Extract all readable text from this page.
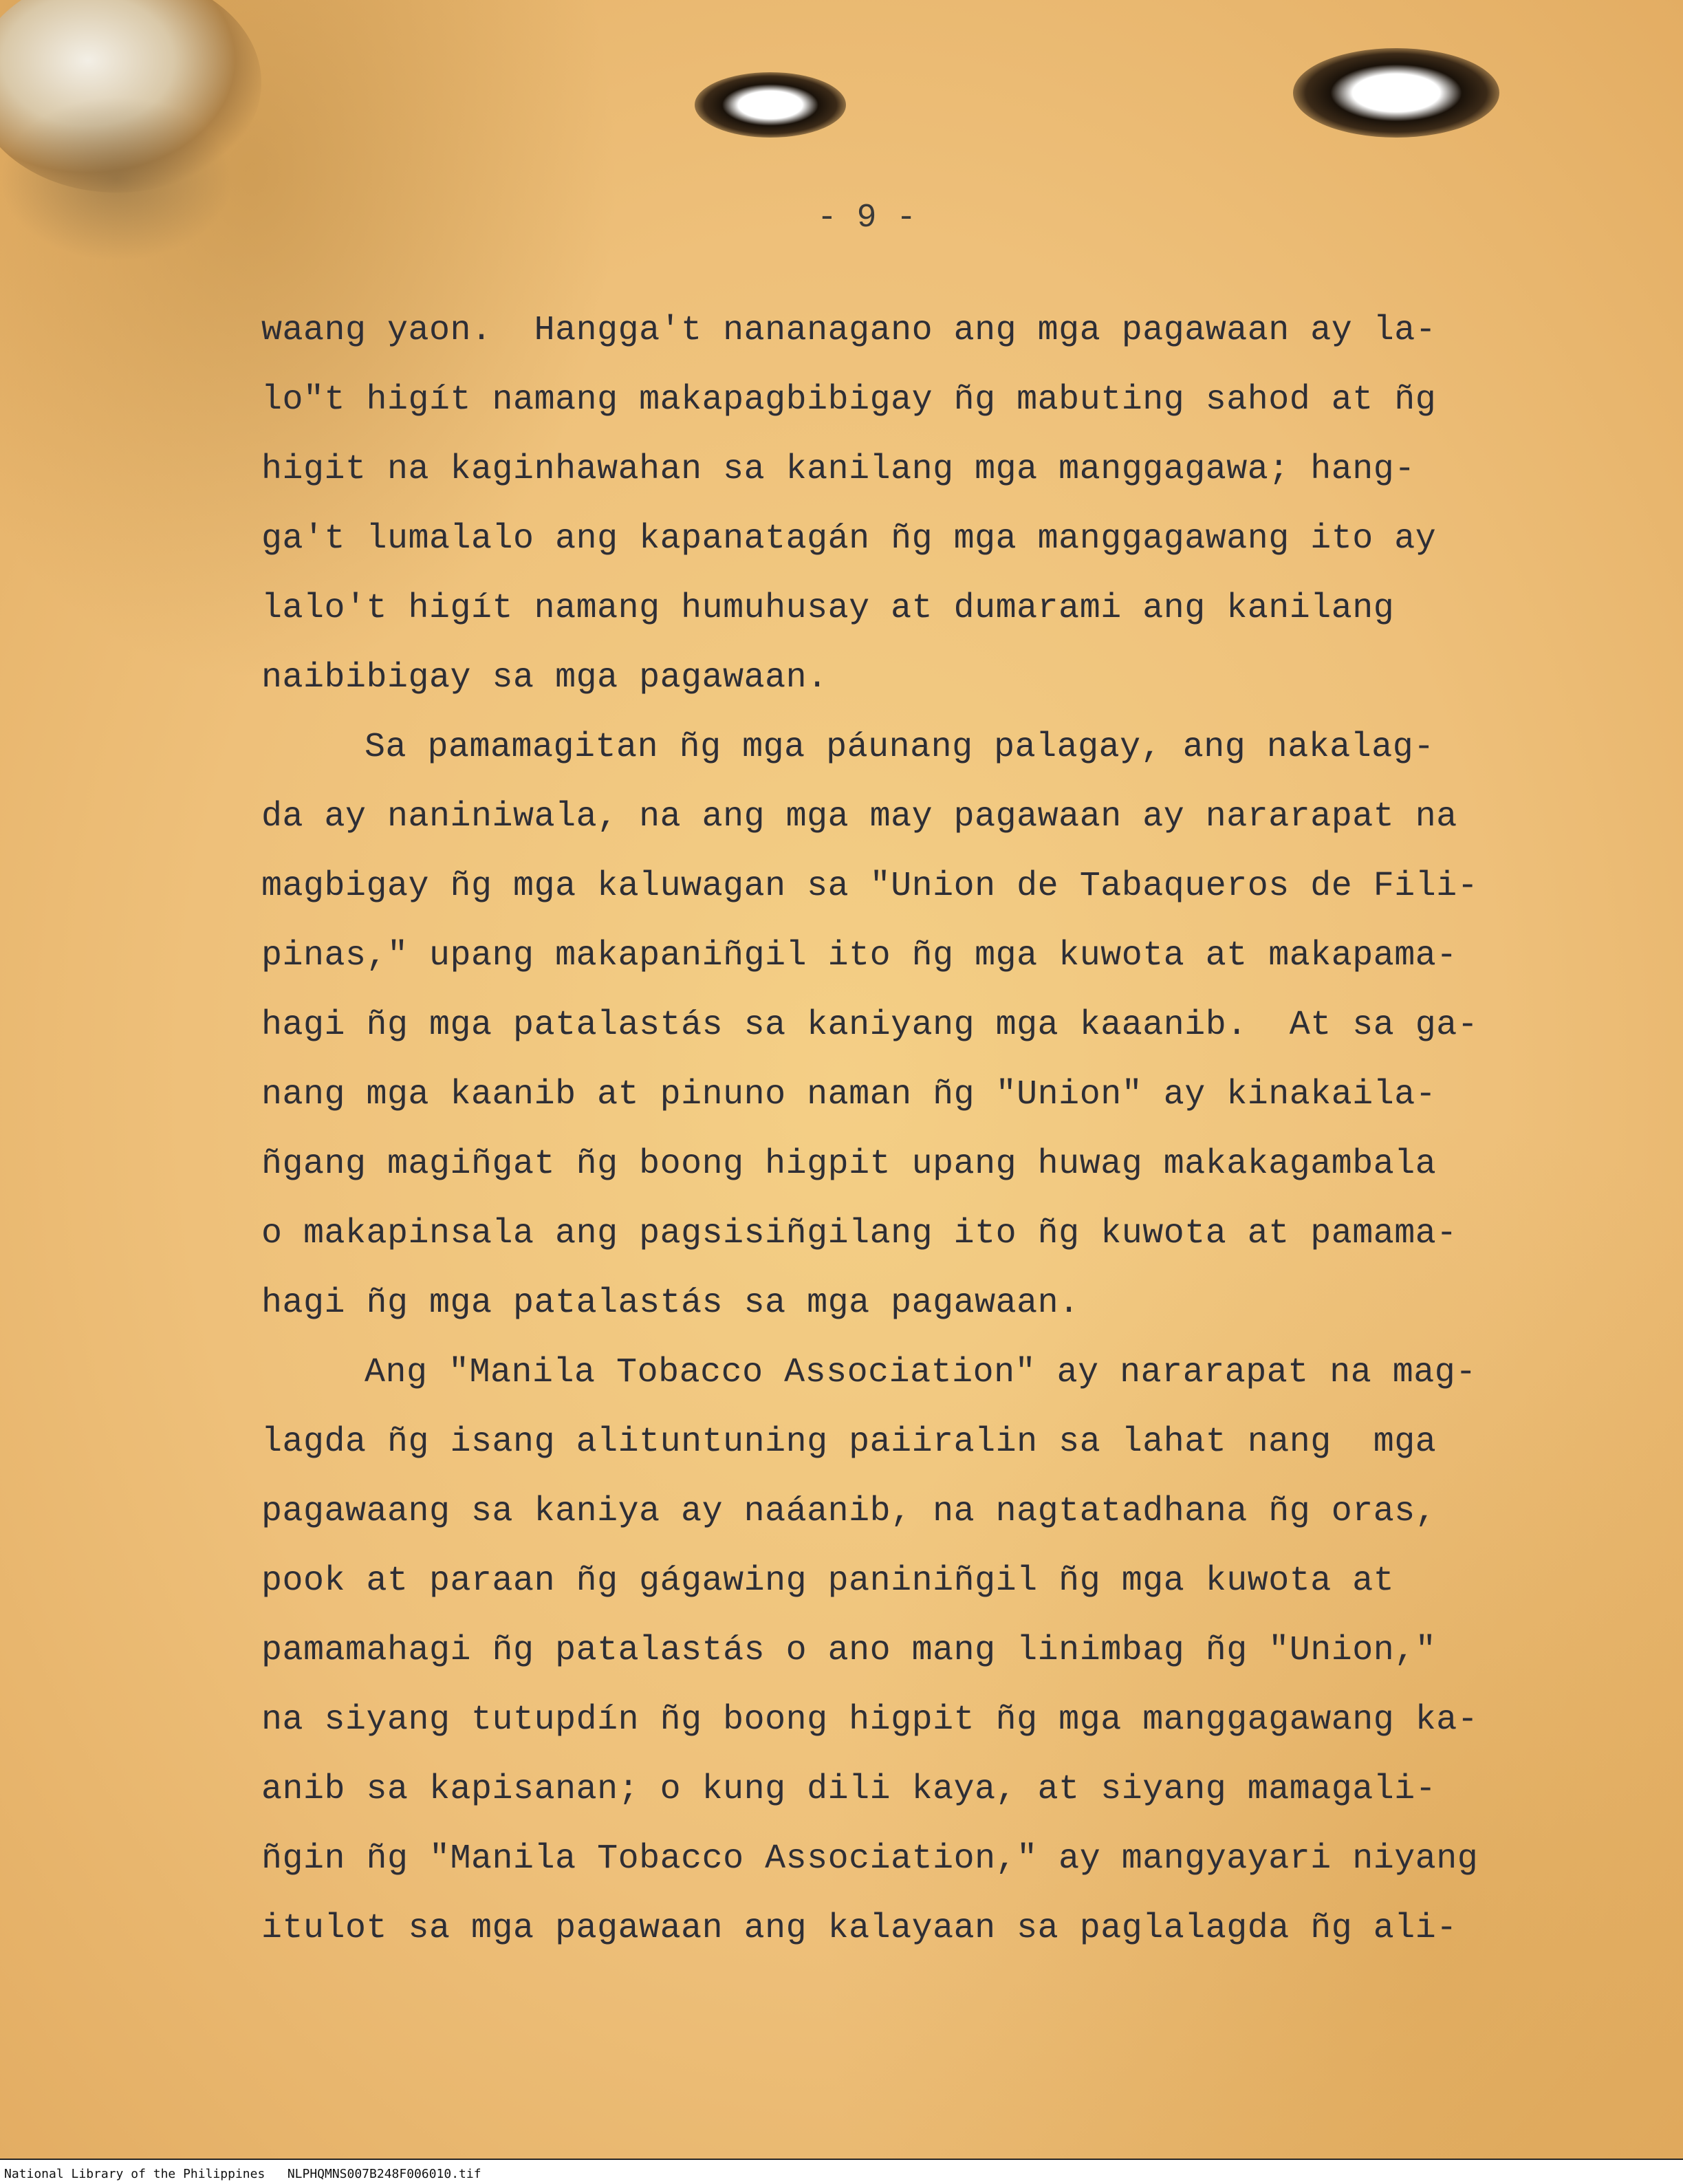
- 9 -
waang yaon.  Hangga't nananagano ang mga pagawaan ay la-
lo"t higít namang makapagbibigay ñg mabuting sahod at ñg
higit na kaginhawahan sa kanilang mga manggagawa; hang-
ga't lumalalo ang kapanatagán ñg mga manggagawang ito ay
lalo't higít namang humuhusay at dumarami ang kanilang
naibibigay sa mga pagawaan.
Sa pamamagitan ñg mga páunang palagay, ang nakalag-
da ay naniniwala, na ang mga may pagawaan ay nararapat na
magbigay ñg mga kaluwagan sa "Union de Tabaqueros de Fili-
pinas," upang makapaniñgil ito ñg mga kuwota at makapama-
hagi ñg mga patalastás sa kaniyang mga kaaanib.  At sa ga-
nang mga kaanib at pinuno naman ñg "Union" ay kinakaila-
ñgang magiñgat ñg boong higpit upang huwag makakagambala
o makapinsala ang pagsisiñgilang ito ñg kuwota at pamama-
hagi ñg mga patalastás sa mga pagawaan.
Ang "Manila Tobacco Association" ay nararapat na mag-
lagda ñg isang alituntuning paiiralin sa lahat nang  mga
pagawaang sa kaniya ay naáanib, na nagtatadhana ñg oras,
pook at paraan ñg gágawing paniniñgil ñg mga kuwota at
pamamahagi ñg patalastás o ano mang linimbag ñg "Union,"
na siyang tutupdín ñg boong higpit ñg mga manggagawang ka-
anib sa kapisanan; o kung dili kaya, at siyang mamagali-
ñgin ñg "Manila Tobacco Association," ay mangyayari niyang
itulot sa mga pagawaan ang kalayaan sa paglalagda ñg ali-
National Library of the Philippines NLPHQMNS007B248F006010.tif
